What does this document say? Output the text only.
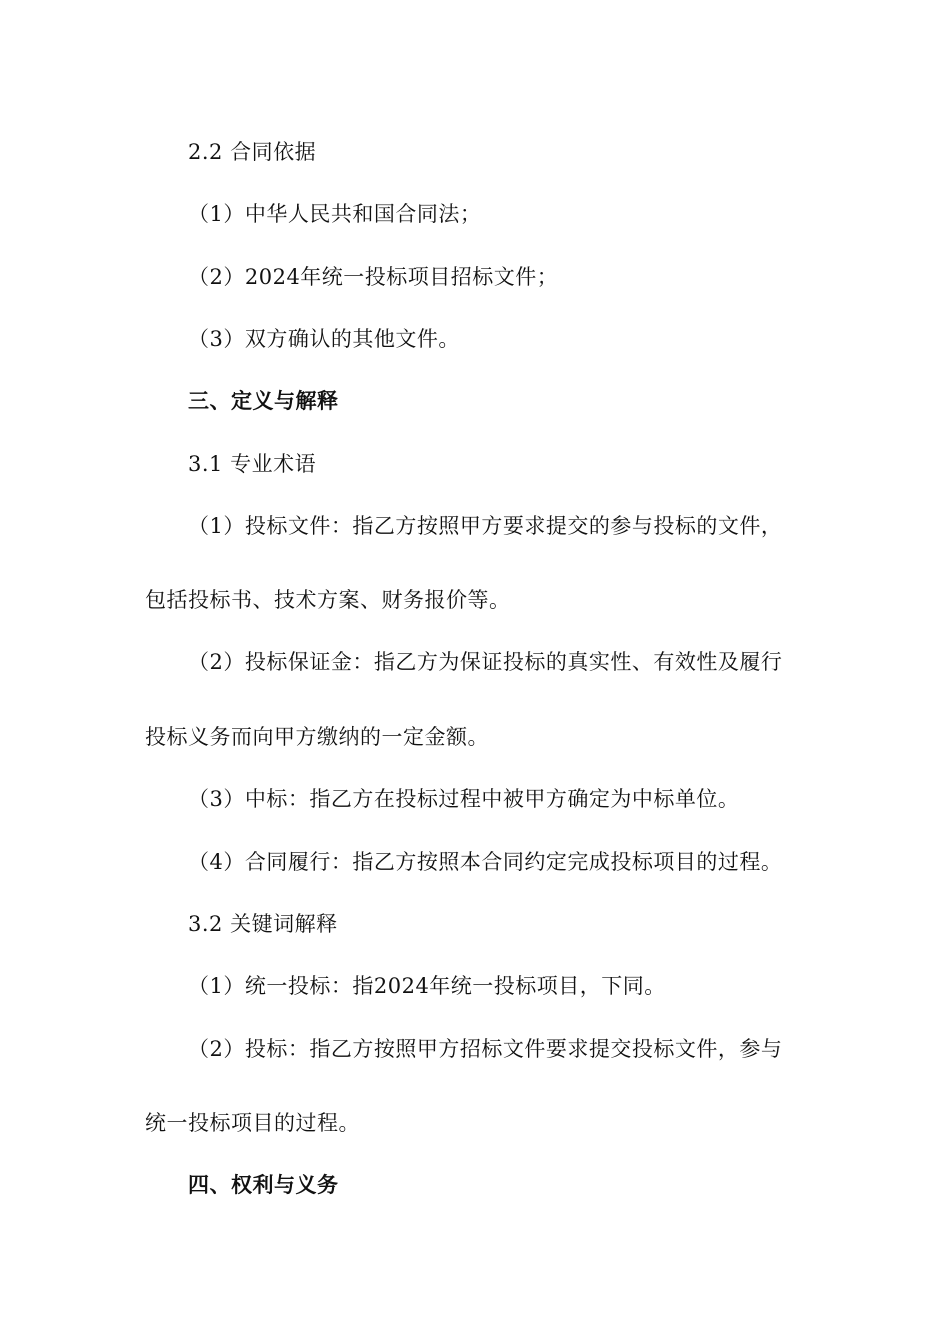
2.2 合同依据
（1）中华人民共和国合同法；
（2）2024年统一投标项目招标文件；
（3）双方确认的其他文件。
三、定义与解释
3.1 专业术语
（1）投标文件：指乙方按照甲方要求提交的参与投标的文件，
包括投标书、技术方案、财务报价等。
（2）投标保证金：指乙方为保证投标的真实性、有效性及履行
投标义务而向甲方缴纳的一定金额。
（3）中标：指乙方在投标过程中被甲方确定为中标单位。
（4）合同履行：指乙方按照本合同约定完成投标项目的过程。
3.2 关键词解释
（1）统一投标：指2024年统一投标项目，下同。
（2）投标：指乙方按照甲方招标文件要求提交投标文件，参与
统一投标项目的过程。
四、权利与义务
